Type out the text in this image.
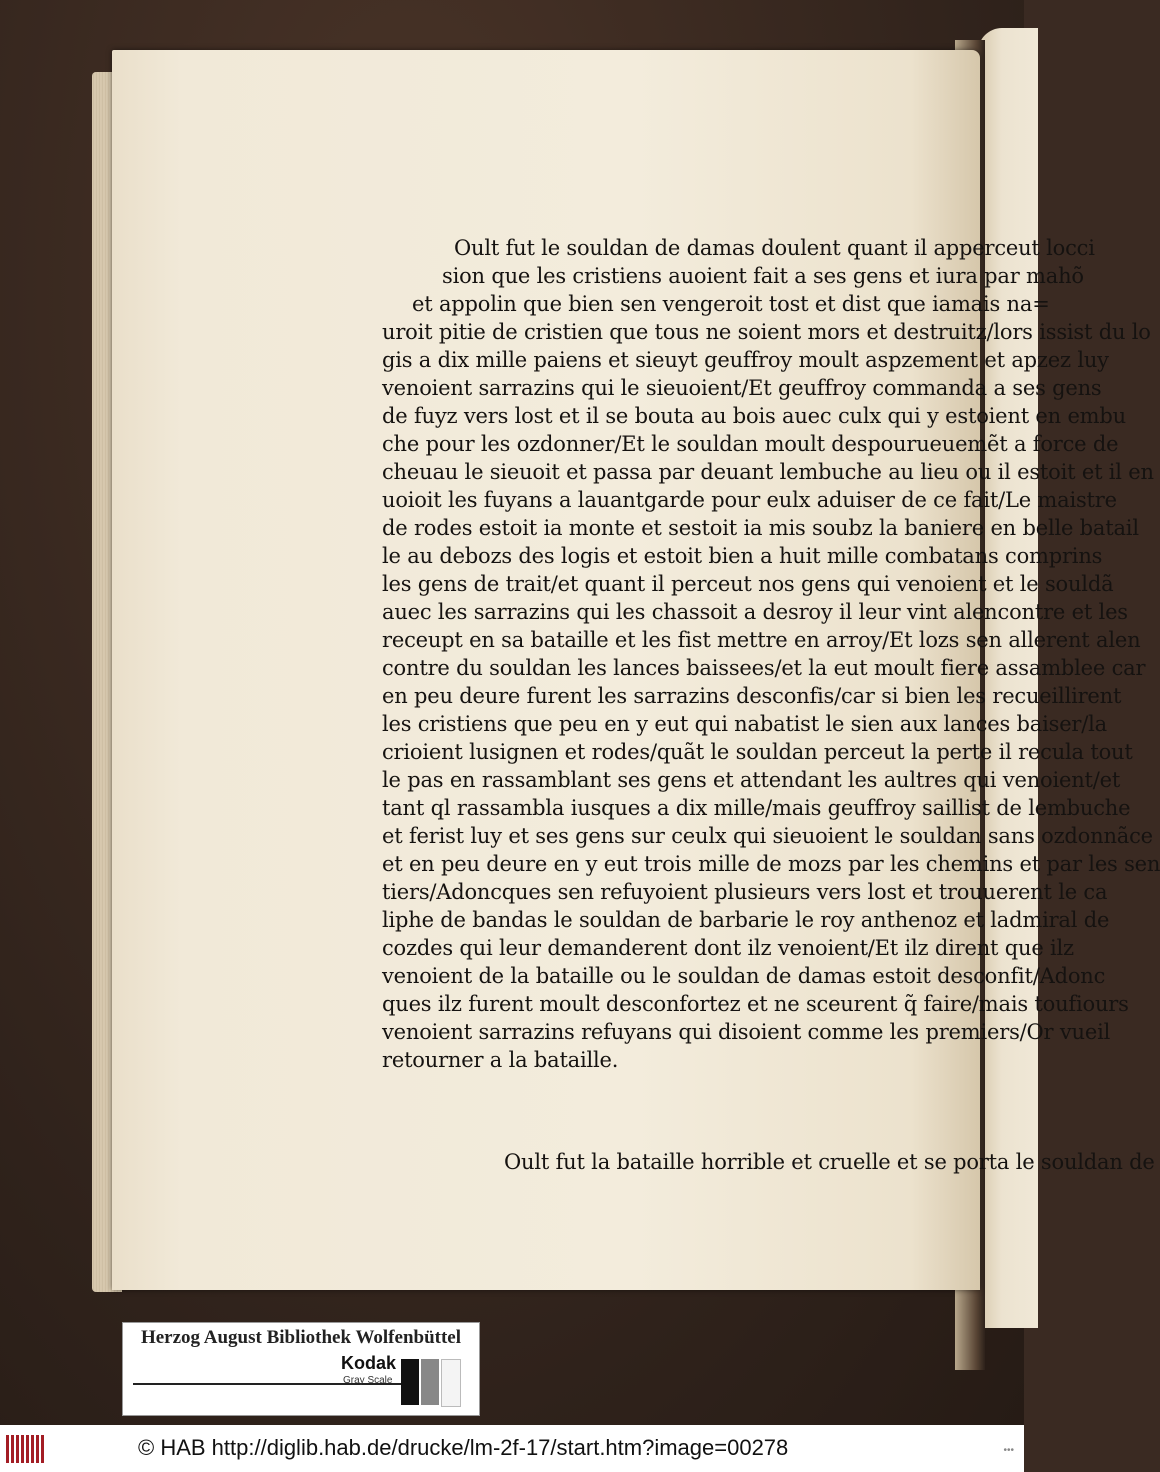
Oult fut le souldan de damas doulent quant il apperceut locci
sion que les cristiens auoient fait a ses gens et iura par mahõ
et appolin que bien sen vengeroit tost et dist que iamais na=
uroit pitie de cristien que tous ne soient mors et destruitz/lors issist du lo
gis a dix mille paiens et sieuyt geuffroy moult aspzement et apzez luy
venoient sarrazins qui le sieuoient/Et geuffroy commanda a ses gens
de fuyz vers lost et il se bouta au bois auec culx qui y estoient en embu
che pour les ozdonner/Et le souldan moult despourueuemẽt a force de
cheuau le sieuoit et passa par deuant lembuche au lieu ou il estoit et il en
uoioit les fuyans a lauantgarde pour eulx aduiser de ce fait/Le maistre
de rodes estoit ia monte et sestoit ia mis soubz la baniere en belle batail
le au debozs des logis et estoit bien a huit mille combatans comprins
les gens de trait/et quant il perceut nos gens qui venoient et le souldã
auec les sarrazins qui les chassoit a desroy il leur vint alencontre et les
receupt en sa bataille et les fist mettre en arroy/Et lozs sen allerent alen
contre du souldan les lances baissees/et la eut moult fiere assamblee car
en peu deure furent les sarrazins desconfis/car si bien les recueillirent
les cristiens que peu en y eut qui nabatist le sien aux lances baiser/la
crioient lusignen et rodes/quãt le souldan perceut la perte il recula tout
le pas en rassamblant ses gens et attendant les aultres qui venoient/et
tant ql rassambla iusques a dix mille/mais geuffroy saillist de lembuche
et ferist luy et ses gens sur ceulx qui sieuoient le souldan sans ozdonnãce
et en peu deure en y eut trois mille de mozs par les chemins et par les sen
tiers/Adoncques sen refuyoient plusieurs vers lost et trouuerent le ca
liphe de bandas le souldan de barbarie le roy anthenoz et ladmiral de
cozdes qui leur demanderent dont ilz venoient/Et ilz dirent que ilz
venoient de la bataille ou le souldan de damas estoit desconfit/Adonc
ques ilz furent moult desconfortez et ne sceurent q̃ faire/mais toufiours
venoient sarrazins refuyans qui disoient comme les premiers/Or vueil
retourner a la bataille.
Oult fut la bataille horrible et cruelle et se porta le souldan de
Herzog August Bibliothek Wolfenbüttel
Kodak
Gray Scale
© HAB http://diglib.hab.de/drucke/lm-2f-17/start.htm?image=00278	•••
